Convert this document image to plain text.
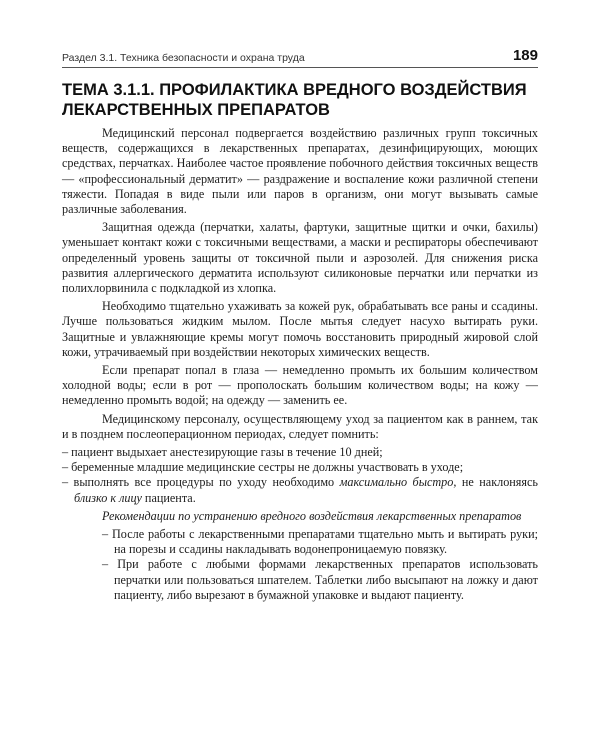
Раздел 3.1. Техника безопасности и охрана труда	189
ТЕМА 3.1.1. ПРОФИЛАКТИКА ВРЕДНОГО ВОЗДЕЙСТВИЯ ЛЕКАРСТВЕННЫХ ПРЕПАРАТОВ

Медицинский персонал подвергается воздействию различных групп токсичных веществ, содержащихся в лекарственных препаратах, дезинфицирующих, моющих средствах, перчатках. Наиболее частое проявление побочного действия токсичных веществ — «профессиональный дерматит» — раздражение и воспаление кожи различной степени тяжести. Попадая в виде пыли или паров в организм, они могут вызывать самые различные заболевания.

Защитная одежда (перчатки, халаты, фартуки, защитные щитки и очки, бахилы) уменьшает контакт кожи с токсичными веществами, а маски и респираторы обеспечивают определенный уровень защиты от токсичной пыли и аэрозолей. Для снижения риска развития аллергического дерматита используют силиконовые перчатки или перчатки из полихлорвинила с подкладкой из хлопка.

Необходимо тщательно ухаживать за кожей рук, обрабатывать все раны и ссадины. Лучше пользоваться жидким мылом. После мытья следует насухо вытирать руки. Защитные и увлажняющие кремы могут помочь восстановить природный жировой слой кожи, утрачиваемый при воздействии некоторых химических веществ.

Если препарат попал в глаза — немедленно промыть их большим количеством холодной воды; если в рот — прополоскать большим количеством воды; на кожу — немедленно промыть водой; на одежду — заменить ее.

Медицинскому персоналу, осуществляющему уход за пациентом как в раннем, так и в позднем послеоперационном периодах, следует помнить:

– пациент выдыхает анестезирующие газы в течение 10 дней;
– беременные младшие медицинские сестры не должны участвовать в уходе;
– выполнять все процедуры по уходу необходимо максимально быстро, не наклоняясь близко к лицу пациента.

Рекомендации по устранению вредного воздействия лекарственных препаратов

– После работы с лекарственными препаратами тщательно мыть и вытирать руки; на порезы и ссадины накладывать водонепроницаемую повязку.
– При работе с любыми формами лекарственных препаратов использовать перчатки или пользоваться шпателем. Таблетки либо высыпают на ложку и дают пациенту, либо вырезают в бумажной упаковке и выдают пациенту.
